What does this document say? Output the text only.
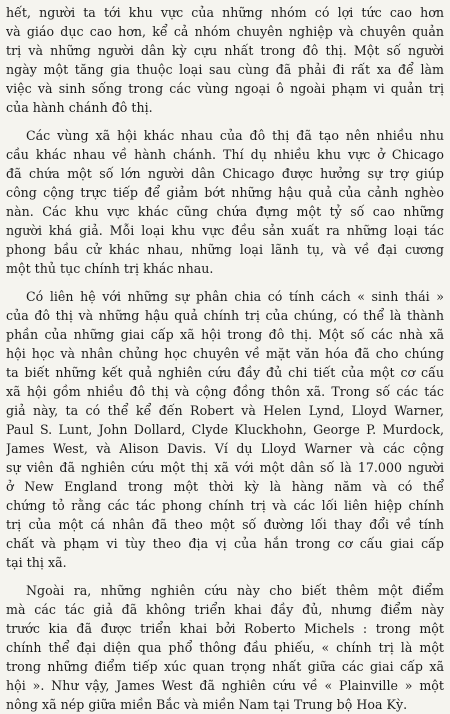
hết, người ta tới khu vực của những nhóm có lợi tức cao hơn
và giáo dục cao hơn, kể cả nhóm chuyên nghiệp và chuyên quản
trị và những người dân kỳ cựu nhất trong đô thị. Một số người
ngày một tăng gia thuộc loại sau cùng đã phải đi rất xa để làm
việc và sinh sống trong các vùng ngoại ô ngoài phạm vi quản trị
của hành chánh đô thị.
Các vùng xã hội khác nhau của đô thị đã tạo nên nhiều nhu
cầu khác nhau về hành chánh. Thí dụ nhiều khu vực ở Chicago
đã chứa một số lớn người dân Chicago được hưởng sự trợ giúp
công cộng trực tiếp để giảm bớt những hậu quả của cảnh nghèo
nàn. Các khu vực khác cũng chứa đựng một tỷ số cao những
người khá giả. Mỗi loại khu vực đều sản xuất ra những loại tác
phong bầu cử khác nhau, những loại lãnh tụ, và về đại cương
một thủ tục chính trị khác nhau.
Có liên hệ với những sự phân chia có tính cách « sinh thái »
của đô thị và những hậu quả chính trị của chúng, có thể là thành
phần của những giai cấp xã hội trong đô thị. Một số các nhà xã
hội học và nhân chủng học chuyên về mặt văn hóa đã cho chúng
ta biết những kết quả nghiên cứu đầy đủ chi tiết của một cơ cấu
xã hội gồm nhiều đô thị và cộng đồng thôn xã. Trong số các tác
giả này, ta có thể kể đến Robert và Helen Lynd, Lloyd Warner,
Paul S. Lunt, John Dollard, Clyde Kluckhohn, George P. Murdock,
James West, và Alison Davis. Ví dụ Lloyd Warner và các cộng
sự viên đã nghiên cứu một thị xã với một dân số là 17.000 người
ở New England trong một thời kỳ là hàng năm và có thể
chứng tỏ rằng các tác phong chính trị và các lối liên hiệp chính
trị của một cá nhân đã theo một số đường lối thay đổi về tính
chất và phạm vi tùy theo địa vị của hắn trong cơ cấu giai cấp
tại thị xã.
Ngoài ra, những nghiên cứu này cho biết thêm một điểm
mà các tác giả đã không triển khai đầy đủ, nhưng điểm này
trước kia đã được triển khai bởi Roberto Michels : trong một
chính thể đại diện qua phổ thông đầu phiếu, « chính trị là một
trong những điểm tiếp xúc quan trọng nhất giữa các giai cấp xã
hội ». Như vậy, James West đã nghiên cứu về « Plainville » một
nông xã nép giữa miền Bắc và miền Nam tại Trung bộ Hoa Kỳ.
